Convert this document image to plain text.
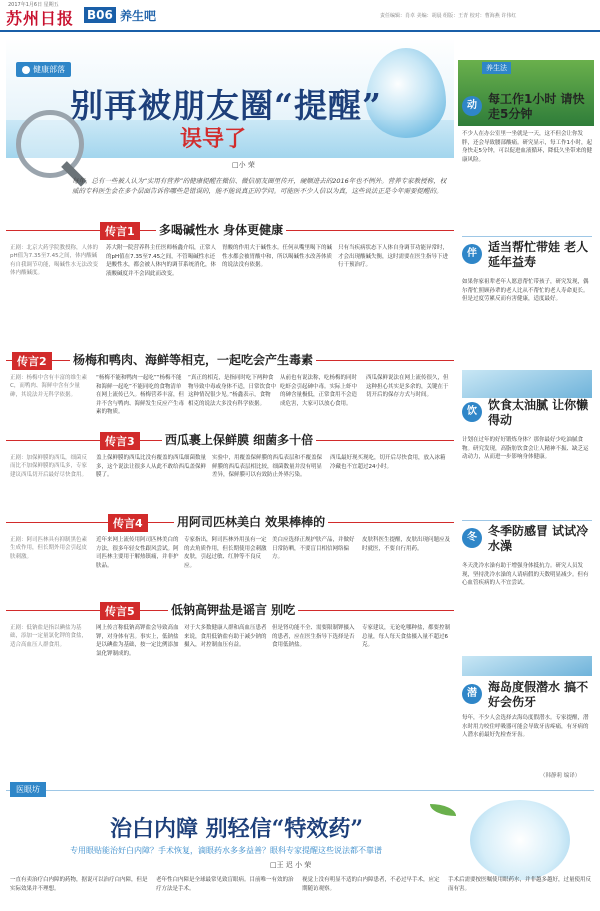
2017年1月6日 星期五
苏州日报 B06 养生吧	责任编辑：肖卓 美编：胡晨 组版：王青 校对：曹海燕 许伟红
健康部落
别再被朋友圈“提醒”
误导了
□小 荣
每年，总有一些被人认为“实用有营养”的健康提醒在微信、微信朋友圈里传开，硬顺进去的2016年也不例外。营养专家教授称，权威的专科医生会在多个层面告诉你哪些是错误的，能不能说真正的学问。可能医不少人信以为真，这些说法正是今年需要提醒的。
传言1	多喝碱性水 身体更健康
正剧：北京大药学院教授称，人体的pH值为7.35至7.45之间，体内酸碱有自我调节功能，喝碱性水无法改变体内酸碱度。
苏大附一院营养科主任医师杨鑫介绍，正常人的pH值在7.35至7.45之间，不管喝碱性水还是酸性水，都会被人体内的调节系统消化，体液酸碱度并不会因此而改变。
胃酸的作用大于碱性水。任何从嘴里喝下的碱性水都会被胃酸中和，所以喝碱性水改善体质的说法没有依据。
只有当疾病状态下人体自身调节功能异常时，才会出现酸碱失衡，这时需要在医生指导下进行干预治疗。
传言2	杨梅和鸭肉、海鲜等相克，一起吃会产生毒素
正剧：杨梅中含有丰富的维生素C，而鸭肉、海鲜中含有少量砷，其说法并无科学依据。
“杨梅不能和鸭肉一起吃”“杨梅不能和海鲜一起吃”不能同吃的食物清单在网上流传已久。杨梅营养丰富，但并不含与鸭肉、海鲜发生反应产生毒素的物质。
“真正的相克，是指同时吃下两种食物导致中毒或身体不适，日常饮食中这种情况很少见。”杨鑫表示，食物相克的说法大多没有科学依据。
从前也有说法称，吃杨梅的同时吃虾会引起砷中毒。实际上虾中的砷含量极低，正常食用不会造成危害，大家可以放心食用。
西瓜保鲜说法在网上流传很久，但这种担心其实是多余的，关键在于切开后的保存方式与时间。
传言3	西瓜裹上保鲜膜 细菌多十倍
正剧：加保鲜膜的西瓜，细菌反而比不加保鲜膜的西瓜多，专家建议西瓜切开后最好尽快食用。
盖上保鲜膜的西瓜比没有覆盖的西瓜细菌数量多，这个说法让很多人从此不敢给西瓜盖保鲜膜了。
实验中，用覆盖保鲜膜的西瓜表层和不覆盖保鲜膜的西瓜表层相比较，细菌数量并没有明显差异，保鲜膜可以有效防止外界污染。
西瓜最好现买现吃，切开后尽快食用，放入冰箱冷藏也不宜超过24小时。
传言4	用阿司匹林美白 效果棒棒的
正剧：阿司匹林具有抑制黑色素生成作用，但长期外用会引起皮肤刺激。
近年来网上流传用阿司匹林美白的方法，很多年轻女性跟风尝试。阿司匹林主要用于解热镇痛，并非护肤品。
专家指出，阿司匹林外用虽有一定的去角质作用，但长期使用会刺激皮肤，引起过敏、红肿等不良反应。
美白应选择正规护肤产品，并做好日常防晒，不要盲目相信网络偏方。
皮肤科医生提醒，皮肤出现问题应及时就医，不要自行用药。
传言5	低钠高钾盐是谣言 别吃
正剧：低钠盐是指以碘盐为基础，添加一定量氯化钾的食盐，适合高血压人群食用。
网上传言称低钠高钾盐会导致高血钾，对身体有害。事实上，低钠盐是以碘盐为基础，按一定比例添加氯化钾制成的。
对于大多数健康人群和高血压患者来说，食用低钠盐有助于减少钠的摄入，对控制血压有益。
但是肾功能不全、需要限制钾摄入的患者，应在医生指导下选择是否食用低钠盐。
专家建议，无论吃哪种盐，都要控制总量，每人每天食盐摄入量不超过6克。
养生法
动 每工作1小时 请快走5分钟
不少人在办公室里一坐就是一天，这不但会让你发胖，还会导致腰部酸痛。研究显示，每工作1小时，起身快走5分钟，可以促进血液循环，降低久坐带来的健康风险。
伴 适当帮忙带娃 老人延年益寿
如果你家祖辈老年人愿意帮忙带孩子，研究发现，偶尔帮忙照顾孙辈的老人比从不帮忙的老人寿命更长。但是过度劳累反而有害健康，适度最好。
饮 饮食太油腻 让你懒得动
计划在过年的好好锻炼身体？那你最好少吃油腻食物。研究发现，高脂肪饮食会让人精神不振、缺乏运动动力，从而进一步影响身体健康。
冬 冬季防感冒 试试冷水澡
冬天洗冷水澡有助于增强身体抵抗力。研究人员发现，坚持洗冷水澡的人请病假的天数明显减少。但有心血管疾病的人不宜尝试。
潜 海岛度假潜水 搞不好会伤牙
每年，不少人会选择去海岛度假潜水。专家提醒，潜水时用力咬住呼吸器可能会导致牙齿疼痛，有牙病的人潜水前最好先检查牙齿。
（韩静莉 编译）
医眼坊
治白内障 别轻信“特效药”
专用眼贴能治好白内障？手术恢复，滴眼药水多多益善？眼科专家提醒这些说法都不靠谱
□王 迟 小 荣
一直有卖治疗白内障的药物，据说可以治疗白内障，但是实际效果并不理想。
老年性白内障是全球最常见致盲眼病。目前唯一有效的治疗方法是手术。
视觉上没有明显不适的白内障患者，不必过早手术，应定期随访观察。
手术后需要按医嘱使用眼药水，并非越多越好，过量使用反而有害。
